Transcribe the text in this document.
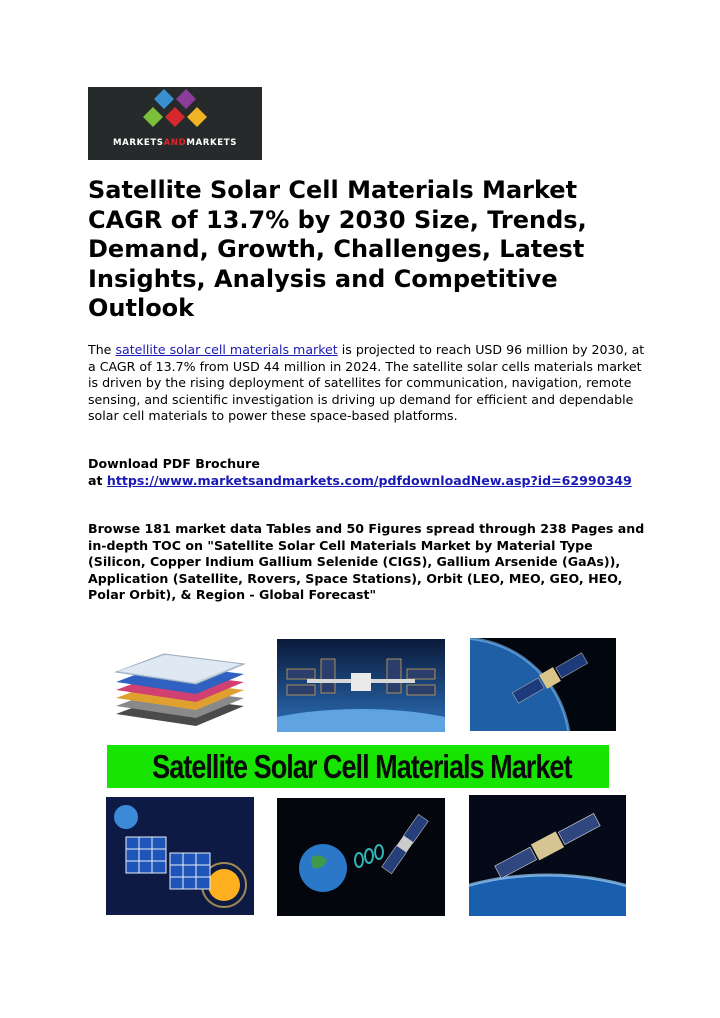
MARKETSANDMARKETS
Satellite Solar Cell Materials Market CAGR of 13.7% by 2030 Size, Trends, Demand, Growth, Challenges, Latest Insights, Analysis and Competitive Outlook

The satellite solar cell materials market is projected to reach USD 96 million by 2030, at a CAGR of 13.7% from USD 44 million in 2024. The satellite solar cells materials market is driven by the rising deployment of satellites for communication, navigation, remote sensing, and scientific investigation is driving up demand for efficient and dependable solar cell materials to power these space-based platforms.

Download PDF Brochure
at https://www.marketsandmarkets.com/pdfdownloadNew.asp?id=62990349

Browse 181 market data Tables and 50 Figures spread through 238 Pages and in-depth TOC on "Satellite Solar Cell Materials Market by Material Type (Silicon, Copper Indium Gallium Selenide (CIGS), Gallium Arsenide (GaAs)), Application (Satellite, Rovers, Space Stations), Orbit (LEO, MEO, GEO, HEO, Polar Orbit), & Region - Global Forecast"

Satellite Solar Cell Materials Market
